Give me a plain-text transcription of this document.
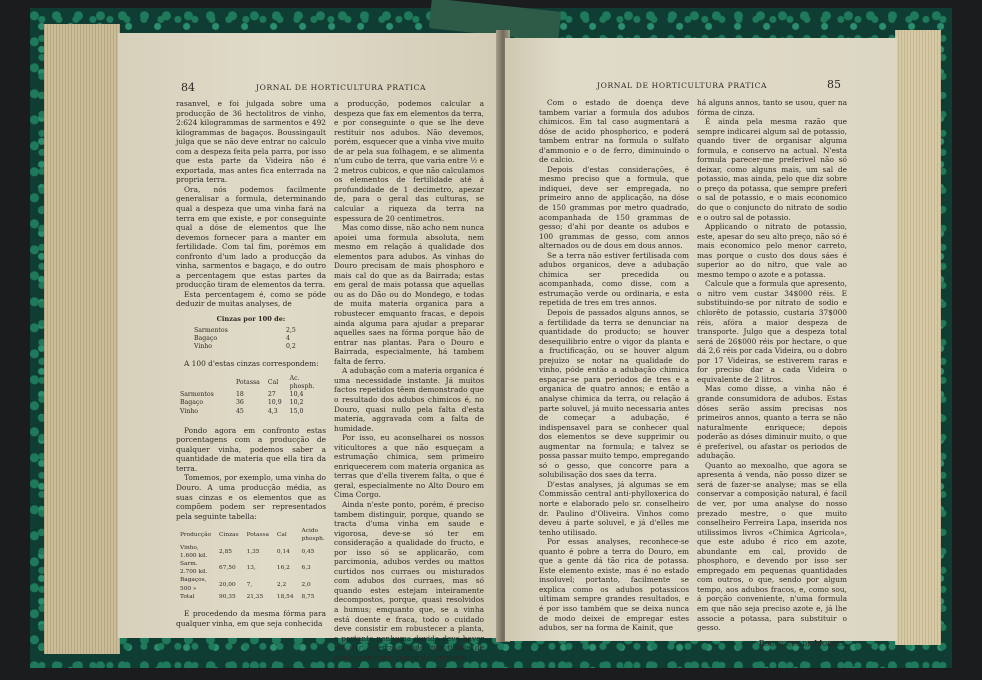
84	JORNAL DE HORTICULTURA PRATICA

rasanvel, e foi julgada sobre uma producção de 36 hectolitros de vinho, 2:624 kilogrammas de sarmentos e 492 kilogrammas de bagaços. Boussingault julga que se não deve entrar no calculo com a despeza feita pela parra, por isso que esta parte da Videira não é exportada, mas antes fica enterrada na propria terra.

Ora, nós podemos facilmente generalisar a formula, determinando qual a despeza que uma vinha fará na terra em que existe, e por conseguinte qual a dóse de elementos que lhe devemos fornecer para a manter em fertilidade. Com tal fim, porémos em confronto d'um lado a producção da vinha, sarmentos e bagaço, e do outro a percentagem que estas partes da producção tiram de elementos da terra.

Esta percentagem é, como se póde deduzir de muitas analyses, de

Cinzas por 100 de:
Sarmentos	2,5
Bagaço	4
Vinho	0,2

A 100 d'estas cinzas correspondem:

	Potassa	Cal	Ac. phosph.
Sarmentos	18	27	10,4
Bagaço	36	10,9	10,2
Vinho	45	4,3	15,0

Pondo agora em confronto estas porcentagens com a producção de qualquer vinha, podemos saber a quantidade de materia que ella tira da terra.

Tomemos, por exemplo, uma vinha do Douro. A uma producção média, as suas cinzas e os elementos que as compõem podem ser representados pela seguinte tabella:

Producção	Cinzas	Potassa	Cal	Acido phosph.
Vinho, 1.600 kil.	2,85	1,35	0,14	0,45
Sarm. 2.700 kil.	67,50	13,	16,2	6,3
Bagaços, 500 »	20,00	7,	2,2	2,0
Total	90,35	21,35	18,54	8,75

E procedendo da mesma fórma para qualquer vinha, em que seja conhecida

a producção, podemos calcular a despeza que fax em elementos da terra, e por conseguinte o que se lhe deve restituir nos adubos. Não devemos, porém, esquecer que a vinha vive muito de ar pela sua folhagem, e se alimenta n'um cubo de terra, que varia entre ½ e 2 metros cubicos, e que não calculamos os elementos de fertilidade até á profundidade de 1 decimetro, apezar de, para o geral das culturas, se calcular a riqueza da terra na espessura de 20 centimetros.

Mas como disse, não acho nem nunca apoiei uma formula absoluta, nem mesmo em relação á qualidade dos elementos para adubos. As vinhas do Douro precisam de mais phosphoro e mais cal do que as da Bairrada; estas em geral de mais potassa que aquellas ou as do Dão ou do Mondego, e todas de muita materia organica para a robustecer emquanto fracas, e depois ainda alguma para ajudar a preparar aquelles saes na fórma porque hão de entrar nas plantas. Para o Douro e Bairrada, especialmente, há tambem falta de ferro.

A adubação com a materia organica é uma necessidade instante. Já muitos factos repetidos têem demonstrado que o resultado dos adubos chimicos é, no Douro, quasi nullo pela falta d'esta materia, aggravada com a falta de humidade.

Por isso, eu aconselharei os nossos viticultores a que não esqueçam a estrumação chimica, sem primeiro enriquecerem com materia organica as terras que d'ella tiverem falta, o que é geral, especialmente no Alto Douro em Cima Corgo.

Ainda n'este ponto, porém, é preciso tambem distinguir, porque, quando se tracta d'uma vinha em saude e vigorosa, deve-se só ter em consideração a qualidade do fructo, e por isso só se applicarão, com parcimonia, adubos verdes ou mattos curtidos nos curraes ou misturados com adubos dos curraes, mas só quando estes estejam inteiramente decompostos, porque, quasi resolvidos a humus; emquanto que, se a vinha está doente e fraca, todo o cuidado deve consistir em robustecer a planta, e portanto nenhuma duvida deve haver em dar á terra grande quantidade de adubo ordinario pouco decomposto.

JORNAL DE HORTICULTURA PRATICA	85

Com o estado de doença deve tambem variar a formula dos adubos chimicos. Em tal caso augmentará a dóse de acido phosphorico, e poderá tambem entrar na formula o sulfato d'ammonio e o de ferro, diminuindo o de calcio.

Depois d'estas considerações, é mesmo preciso que a formula, que indiquei, deve ser empregada, no primeiro anno de applicação, na dóse de 150 grammas por metro quadrado, acompanhada de 150 grammas de gesso; d'ahi por deante os adubos e 100 grammas de gesso, com annos alternados ou de dous em dous annos.

Se a terra não estiver fertilisada com adubos organicos, deve a adubação chimica ser precedida ou acompanhada, como disse, com a estrumação verde ou ordinaria, e esta repetida de tres em tres annos.

Depois de passados alguns annos, se a fertilidade da terra se denunciar na quantidade do producto; se houver desequilibrio entre o vigor da planta e a fructificação, ou se houver algum prejuizo se notar na qualidade do vinho, póde então a adubação chimica espaçar-se para periodos de tres e a organica de quatro annos; e então a analyse chimica da terra, ou relação á parte soluvel, já muito necessaria antes de começar a adubação, é indispensavel para se conhecer qual dos elementos se deve supprimir ou augmentar na formula; e talvez se possa passar muito tempo, empregando só o gesso, que concorre para a solubilisação dos saes da terra.

D'estas analyses, já algumas se em Commissão central anti-phylloxerica do norte e elaborado pelo sr. conselheiro dr. Paulino d'Oliveira. Vinhos como deveu á parte soluvel, e já d'elles me tenho utilisado.

Por essas analyses, reconhece-se quanto é pobre a terra do Douro, em que a gente dá tão rica de potassa. Este elemento existe, mas é no estado insoluvel; portanto, facilmente se explica como os adubos potassicos ultimam sempre grandes resultados, e é por isso também que se deixa nunca de modo deixei de empregar estes adubos, ser na forma de Kainit, que

há alguns annos, tanto se usou, quer na fórma de cinza.

É ainda pela mesma razão que sempre indicarei algum sal de potassio, quando tiver de organisar alguma formula, e conservo na actual. N'esta formula parecer-me preferivel não só deixar, como alguns mais, um sal de potassio, mas ainda, pelo que diz sobre o preço da potassa, que sempre preferi o sal de potassio, e o mais economico do que o conjuncto do nitrato de sodio e o outro sal de potassio.

Applicando o nitrato de potassio, este, apesar do seu alto preço, não só é mais economico pelo menor carreto, mas porque o custo dos dous sáes é superior ao do nitro, que vale ao mesmo tempo o azote e a potassa.

Calcule que a formula que apresento, o nitro vem custar 34$000 réis. E substituindo-se por nitrato de sodio e chlorêto de potassio, custaria 37$000 réis, afóra a maior despeza de transporte. Julgo que a despeza total será de 26$000 réis por hectare, o que dá 2,6 réis por cada Videira, ou o dobro por 17 Videiras, se estiverem raras e for preciso dar a cada Videira o equivalente de 2 litros.

Mas como disse, a vinha não é grande consumidora de adubos. Estas dóses serão assim precisas nos primeiros annos, quanto a terra se não naturalmente enriquece; depois poderão as dóses diminuir muito, o que é preferivel, ou afastar os periodos de adubação.

Quanto ao mexoalho, que agora se apresenta á venda, não posso dizer se será de fazer-se analyse; mas se ella conservar a composição natural, é facil de ver, por uma analyse do nosso prezado mestre, o que muito conselheiro Ferreira Lapa, inserida nos utilissimos livros «Chimica Agricola», que este adubo é rico em azote, abundante em cal, provido de phosphoro, e devendo por isso ser empregado em pequenas quantidades com outros, o que, sendo por algum tempo, aos adubos fracos, e, como sou, á porção conveniente, n'uma formula em que não seja preciso azote e, já lhe associe a potassa, para substituir o gesso.

Rodrigues de Moraes.
